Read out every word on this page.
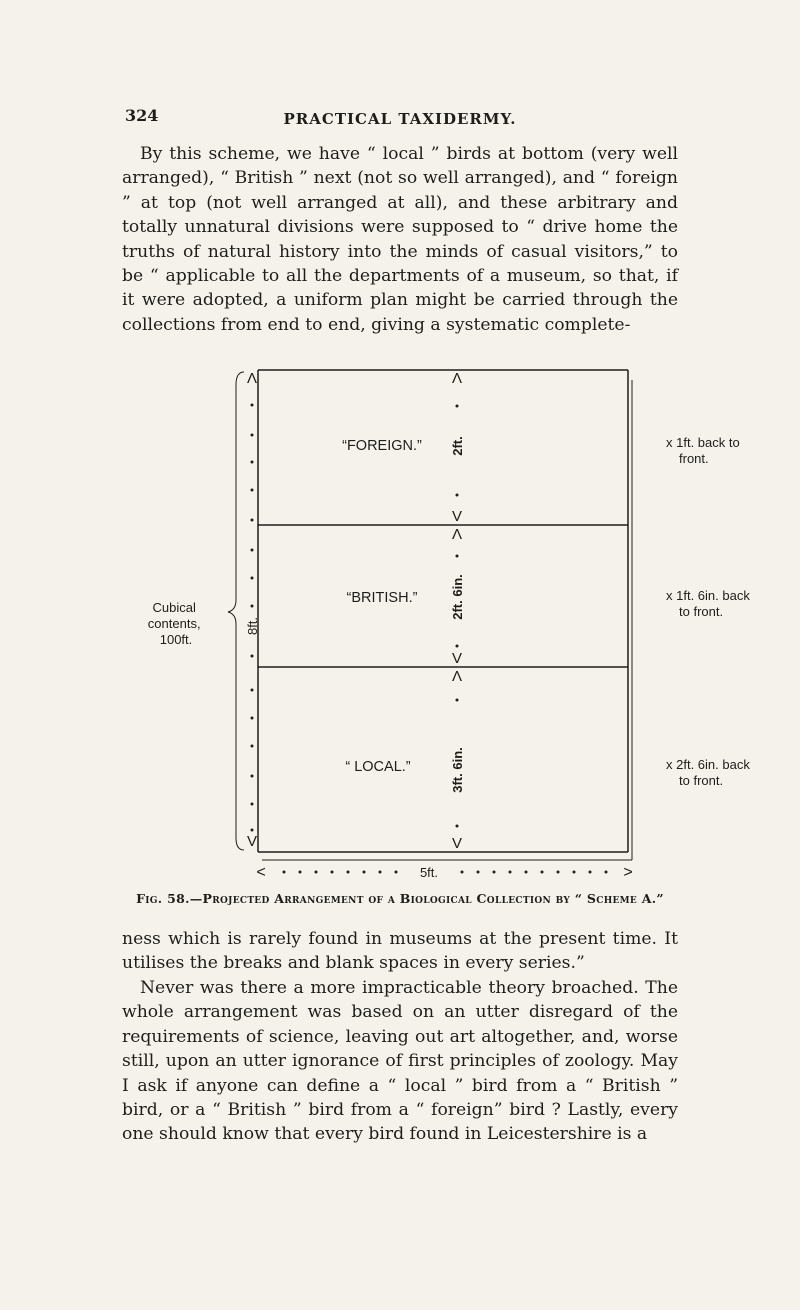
324	PRACTICAL TAXIDERMY.

By this scheme, we have “ local ” birds at bottom (very well arranged), “ British ” next (not so well arranged), and “ foreign ” at top (not well arranged at all), and these arbitrary and totally unnatural divisions were supposed to “ drive home the truths of natural history into the minds of casual visitors,” to be “ applicable to all the departments of a museum, so that, if it were adopted, a uniform plan might be carried through the collections from end to end, giving a systematic complete-

Λ
8ft.
V
Cubical contents, 100ft.
“FOREIGN.”
“BRITISH.”
“ LOCAL.”
Λ
2ft.
V
Λ
2ft. 6in.
V
Λ
3ft. 6in.
V
x 1ft. back to front.
x 1ft. 6in. back to front.
x 2ft. 6in. back to front.
<	5ft.	>
Fig. 58.—Projected Arrangement of a Biological Collection by “ Scheme A.”

ness which is rarely found in museums at the present time. It utilises the breaks and blank spaces in every series.”

Never was there a more impracticable theory broached. The whole arrangement was based on an utter disregard of the requirements of science, leaving out art altogether, and, worse still, upon an utter ignorance of first principles of zoology. May I ask if anyone can define a “ local ” bird from a “ British ” bird, or a “ British ” bird from a “ foreign” bird ? Lastly, every one should know that every bird found in Leicestershire is a
